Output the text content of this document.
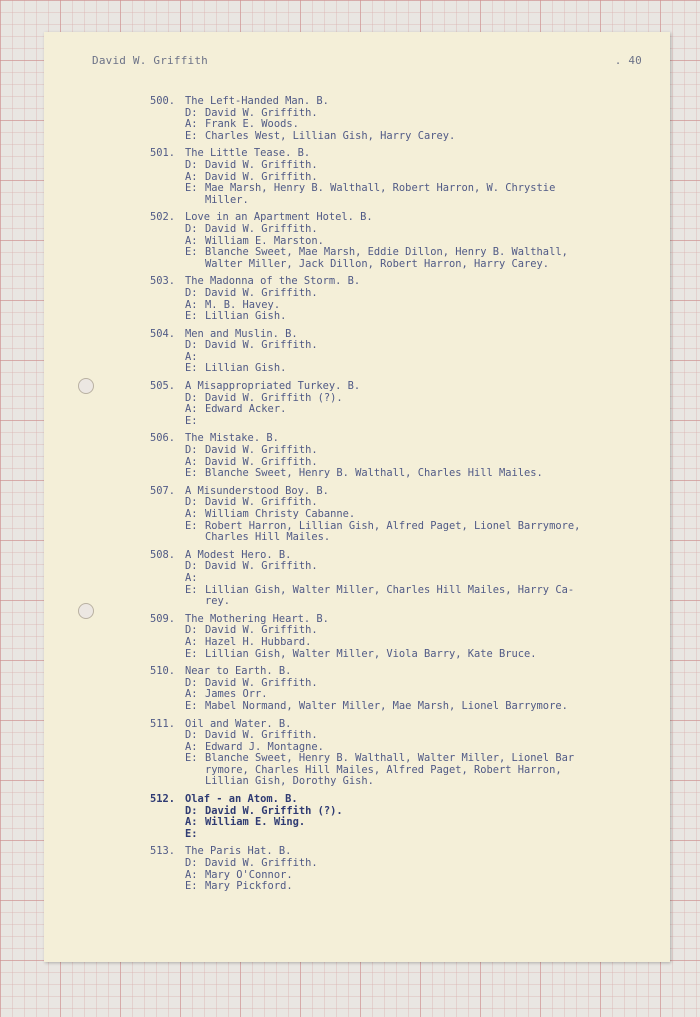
David W. Griffith	. 40
500. The Left-Handed Man. B.
D: David W. Griffith.
A: Frank E. Woods.
E: Charles West, Lillian Gish, Harry Carey.
501. The Little Tease. B.
D: David W. Griffith.
A: David W. Griffith.
E: Mae Marsh, Henry B. Walthall, Robert Harron, W. Chrystie
Miller.
502. Love in an Apartment Hotel. B.
D: David W. Griffith.
A: William E. Marston.
E: Blanche Sweet, Mae Marsh, Eddie Dillon, Henry B. Walthall,
Walter Miller, Jack Dillon, Robert Harron, Harry Carey.
503. The Madonna of the Storm. B.
D: David W. Griffith.
A: M. B. Havey.
E: Lillian Gish.
504. Men and Muslin. B.
D: David W. Griffith.
A:
E: Lillian Gish.
505. A Misappropriated Turkey. B.
D: David W. Griffith (?).
A: Edward Acker.
E:
506. The Mistake. B.
D: David W. Griffith.
A: David W. Griffith.
E: Blanche Sweet, Henry B. Walthall, Charles Hill Mailes.
507. A Misunderstood Boy. B.
D: David W. Griffith.
A: William Christy Cabanne.
E: Robert Harron, Lillian Gish, Alfred Paget, Lionel Barrymore,
Charles Hill Mailes.
508. A Modest Hero. B.
D: David W. Griffith.
A:
E: Lillian Gish, Walter Miller, Charles Hill Mailes, Harry Ca-
rey.
509. The Mothering Heart. B.
D: David W. Griffith.
A: Hazel H. Hubbard.
E: Lillian Gish, Walter Miller, Viola Barry, Kate Bruce.
510. Near to Earth. B.
D: David W. Griffith.
A: James Orr.
E: Mabel Normand, Walter Miller, Mae Marsh, Lionel Barrymore.
511. Oil and Water. B.
D: David W. Griffith.
A: Edward J. Montagne.
E: Blanche Sweet, Henry B. Walthall, Walter Miller, Lionel Bar
rymore, Charles Hill Mailes, Alfred Paget, Robert Harron,
Lillian Gish, Dorothy Gish.
512. Olaf - an Atom. B.
D: David W. Griffith (?).
A: William E. Wing.
E:
513. The Paris Hat. B.
D: David W. Griffith.
A: Mary O'Connor.
E: Mary Pickford.
